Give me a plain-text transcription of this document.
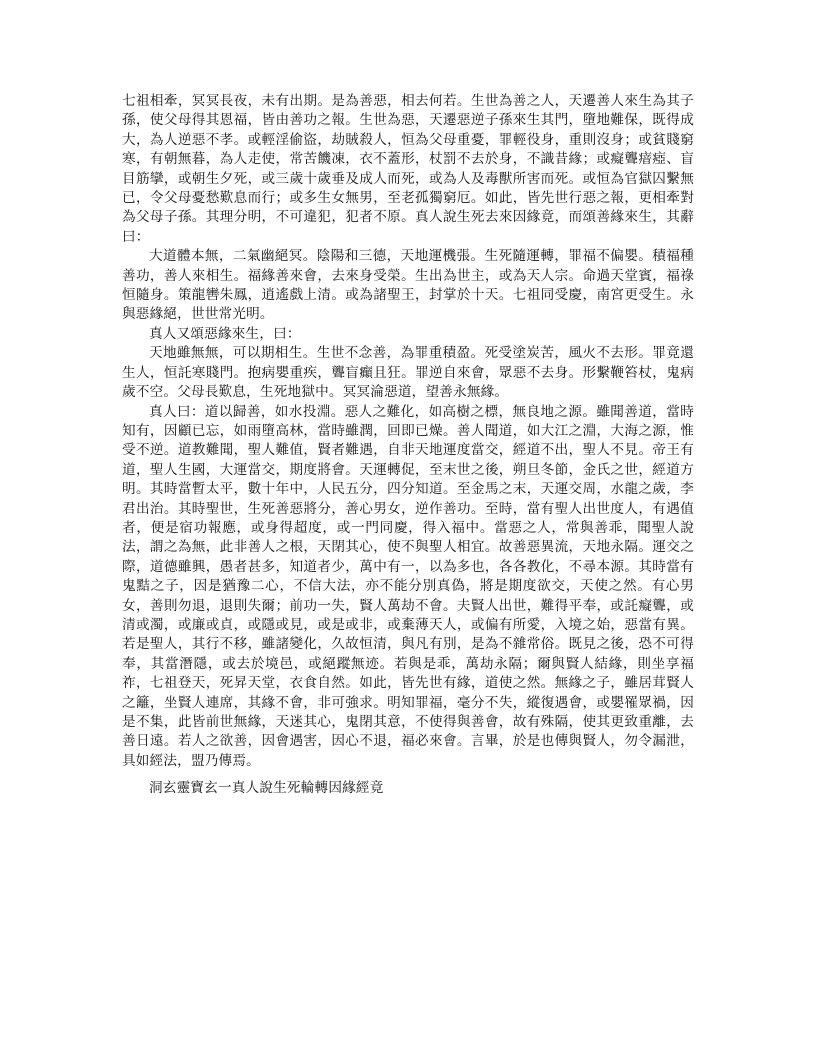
七祖相牽，冥冥長夜，未有出期。是為善惡，相去何若。生世為善之人，天遷善人來生為其子孫，使父母得其恩福，皆由善功之報。生世為惡，天遷惡逆子孫來生其門，墮地難保，既得成大，為人逆惡不孝。或輕淫偷盜，劫賊殺人，恒為父母重憂，罪輕役身，重則沒身；或貧賤窮寒，有朝無暮，為人走使，常苦饑凍，衣不蓋形，杖罰不去於身，不識昔緣；或癡聾瘖瘂、盲目筋攣，或朝生夕死，或三歲十歲垂及成人而死，或為人及毒獸所害而死。或恒為官獄囚繫無已，令父母憂愁歎息而行；或多生女無男，至老孤獨窮厄。如此，皆先世行惡之報，更相牽對為父母子孫。其理分明，不可違犯，犯者不原。真人說生死去來因緣竟，而頌善緣來生，其辭曰：

大道體本無，二氣幽絕冥。陰陽和三德，天地運機張。生死隨運轉，罪福不偏嬰。積福種善功，善人來相生。福緣善來會，去來身受榮。生出為世主，或為天人宗。命過天堂賓，福祿恒隨身。策龍轡朱鳳，逍遙戲上清。或為諸聖王，封掌於十天。七祖同受慶，南宮更受生。永與惡緣絕，世世常光明。

真人又頌惡緣來生，曰：

天地雖無無，可以期相生。生世不念善，為罪重積盈。死受塗炭苦，風火不去形。罪竟還生人，恒託寒賤門。抱病嬰重疾，聾盲癲且狂。罪逆自來會，眾惡不去身。形繫鞭笞杖，鬼病歲不空。父母長歎息，生死地獄中。冥冥淪惡道，望善永無緣。

真人曰：道以歸善，如水投淵。惡人之難化，如高樹之標，無良地之源。雖聞善道，當時知有，因顧已忘，如雨墮高林，當時雖潤，回即已燥。善人聞道，如大江之淵，大海之源，惟受不逆。道教難聞，聖人難值，賢者難遇，自非天地運度當交，經道不出，聖人不見。帝王有道，聖人生國，大運當交，期度將會。天運轉促，至末世之後，朔旦冬節，金氏之世，經道方明。其時當暫太平，數十年中，人民五分，四分知道。至金馬之末，天運交周，水龍之歲，李君出治。其時聖世，生死善惡將分，善心男女，逆作善功。至時，當有聖人出世度人，有遇值者，便是宿功報應，或身得超度，或一門同慶，得入福中。當惡之人，常與善乖，聞聖人說法，謂之為無，此非善人之根，天閉其心，使不與聖人相宜。故善惡異流，天地永隔。運交之際，道德雖興，愚者甚多，知道者少，萬中有一，以為多也，各各教化，不尋本源。其時當有鬼黠之子，因是猶豫二心，不信大法，亦不能分別真偽，將是期度欲交，天使之然。有心男女，善則勿退，退則失爾；前功一失，賢人萬劫不會。夫賢人出世，難得平奉，或託癡聾，或清或濁，或廉或貞，或隱或見，或是或非，或棄薄天人，或偏有所愛，入境之始，惡當有異。若是聖人，其行不移，雖諸變化，久故恒清，與凡有別，是為不雜常俗。既見之後，恐不可得奉，其當潛隱，或去於境邑，或絕蹤無迹。若與是乖，萬劫永隔；爾與賢人結緣，則坐享福祚，七祖登天，死昇天堂，衣食自然。如此，皆先世有緣，道使之然。無緣之子，雖居茸賢人之籬，坐賢人連席，其緣不會，非可強求。明知罪福，毫分不失，縱復遇會，或嬰罹眾禍，因是不集，此皆前世無緣，天迷其心，鬼閉其意，不使得與善會，故有殊隔，使其更致重離，去善日遠。若人之欲善，因會遇害，因心不退，福必來會。言畢，於是也傳與賢人，勿令漏泄，具如經法，盟乃傳焉。

洞玄靈寶玄一真人說生死輪轉因緣經竟
